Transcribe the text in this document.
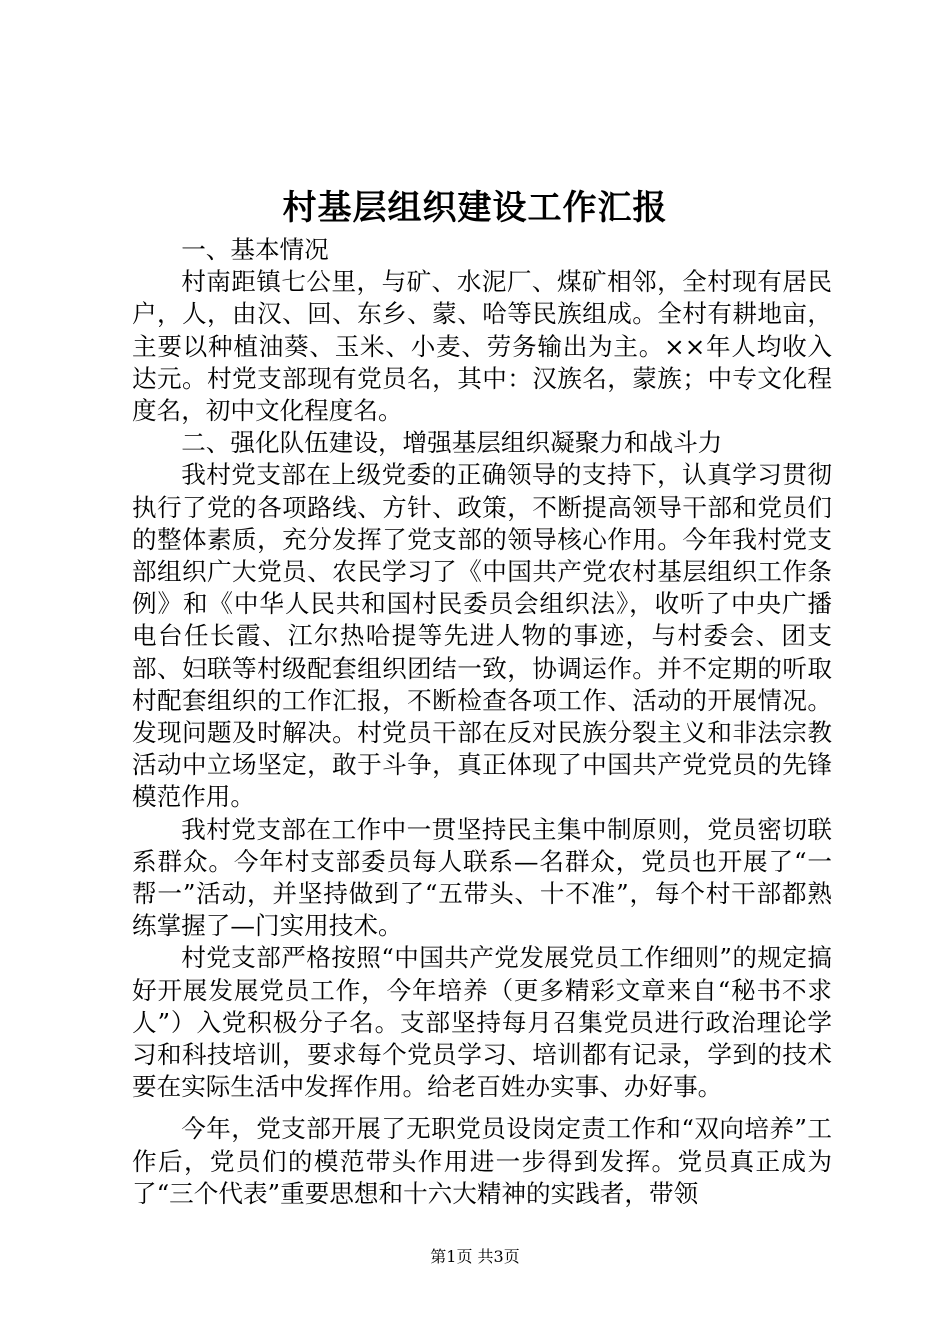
村基层组织建设工作汇报

一、基本情况

村南距镇七公里，与矿、水泥厂、煤矿相邻，全村现有居民户，人，由汉、回、东乡、蒙、哈等民族组成。全村有耕地亩，主要以种植油葵、玉米、小麦、劳务输出为主。××年人均收入达元。村党支部现有党员名，其中：汉族名，蒙族；中专文化程度名，初中文化程度名。

二、强化队伍建设，增强基层组织凝聚力和战斗力

我村党支部在上级党委的正确领导的支持下，认真学习贯彻执行了党的各项路线、方针、政策，不断提高领导干部和党员们的整体素质，充分发挥了党支部的领导核心作用。今年我村党支部组织广大党员、农民学习了《中国共产党农村基层组织工作条例》和《中华人民共和国村民委员会组织法》，收听了中央广播电台任长霞、江尔热哈提等先进人物的事迹，与村委会、团支部、妇联等村级配套组织团结一致，协调运作。并不定期的听取村配套组织的工作汇报，不断检查各项工作、活动的开展情况。发现问题及时解决。村党员干部在反对民族分裂主义和非法宗教活动中立场坚定，敢于斗争，真正体现了中国共产党党员的先锋模范作用。

我村党支部在工作中一贯坚持民主集中制原则，党员密切联系群众。今年村支部委员每人联系—名群众，党员也开展了“一帮一”活动，并坚持做到了“五带头、十不准”，每个村干部都熟练掌握了—门实用技术。

村党支部严格按照“中国共产党发展党员工作细则”的规定搞好开展发展党员工作，今年培养（更多精彩文章来自“秘书不求人”）入党积极分子名。支部坚持每月召集党员进行政治理论学习和科技培训，要求每个党员学习、培训都有记录，学到的技术要在实际生活中发挥作用。给老百姓办实事、办好事。

今年，党支部开展了无职党员设岗定责工作和“双向培养”工作后，党员们的模范带头作用进一步得到发挥。党员真正成为了“三个代表”重要思想和十六大精神的实践者，带领

第1页 共3页
